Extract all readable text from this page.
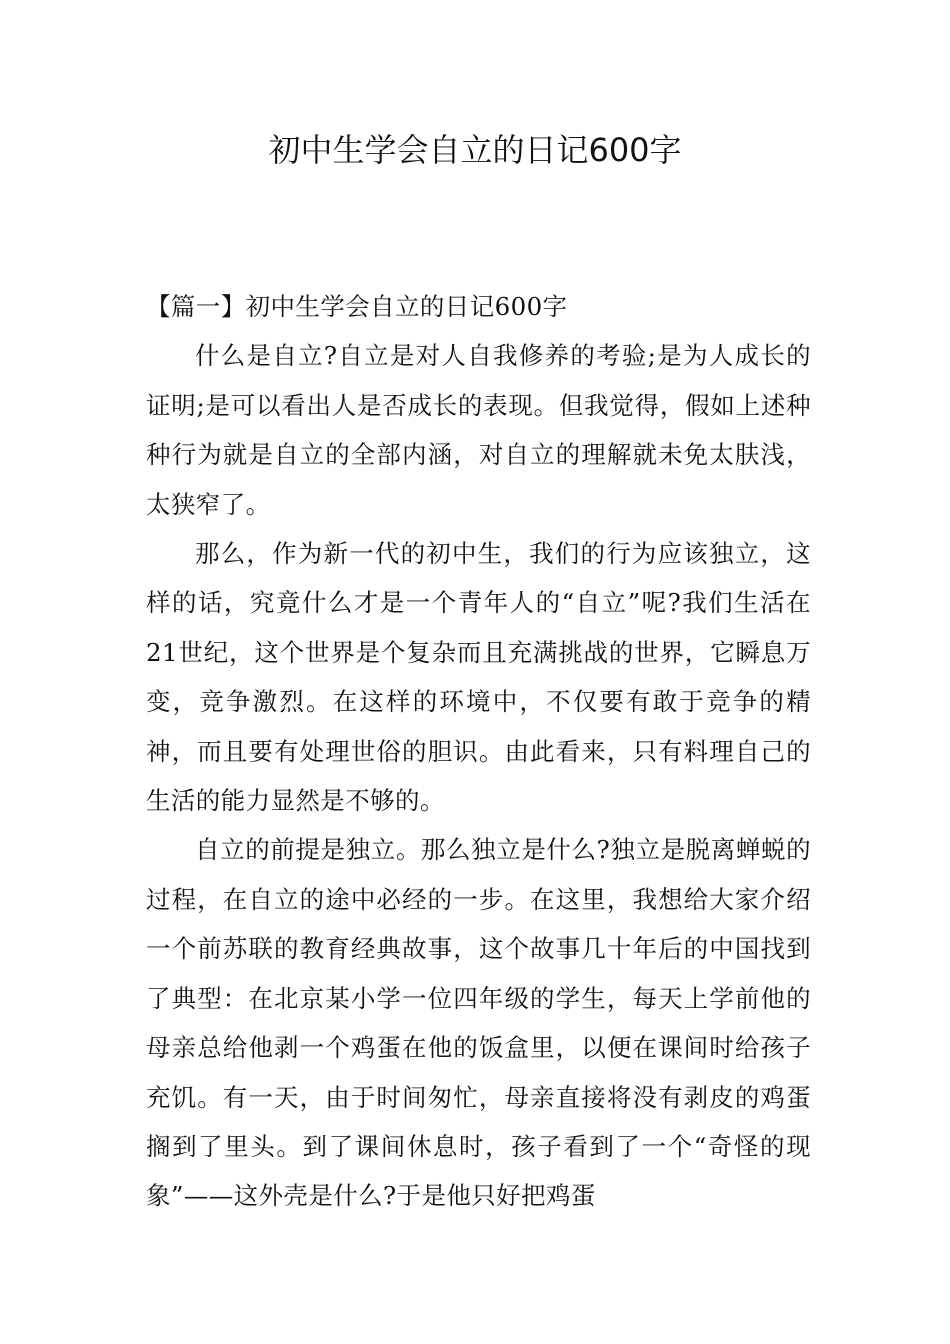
初中生学会自立的日记600字

【篇一】初中生学会自立的日记600字

什么是自立?自立是对人自我修养的考验;是为人成长的证明;是可以看出人是否成长的表现。但我觉得，假如上述种种行为就是自立的全部内涵，对自立的理解就未免太肤浅，太狭窄了。

那么，作为新一代的初中生，我们的行为应该独立，这样的话，究竟什么才是一个青年人的“自立”呢?我们生活在21世纪，这个世界是个复杂而且充满挑战的世界，它瞬息万变，竞争激烈。在这样的环境中，不仅要有敢于竞争的精神，而且要有处理世俗的胆识。由此看来，只有料理自己的生活的能力显然是不够的。

自立的前提是独立。那么独立是什么?独立是脱离蝉蜕的过程，在自立的途中必经的一步。在这里，我想给大家介绍一个前苏联的教育经典故事，这个故事几十年后的中国找到了典型：在北京某小学一位四年级的学生，每天上学前他的母亲总给他剥一个鸡蛋在他的饭盒里，以便在课间时给孩子充饥。有一天，由于时间匆忙，母亲直接将没有剥皮的鸡蛋搁到了里头。到了课间休息时，孩子看到了一个“奇怪的现象”——这外壳是什么?于是他只好把鸡蛋
